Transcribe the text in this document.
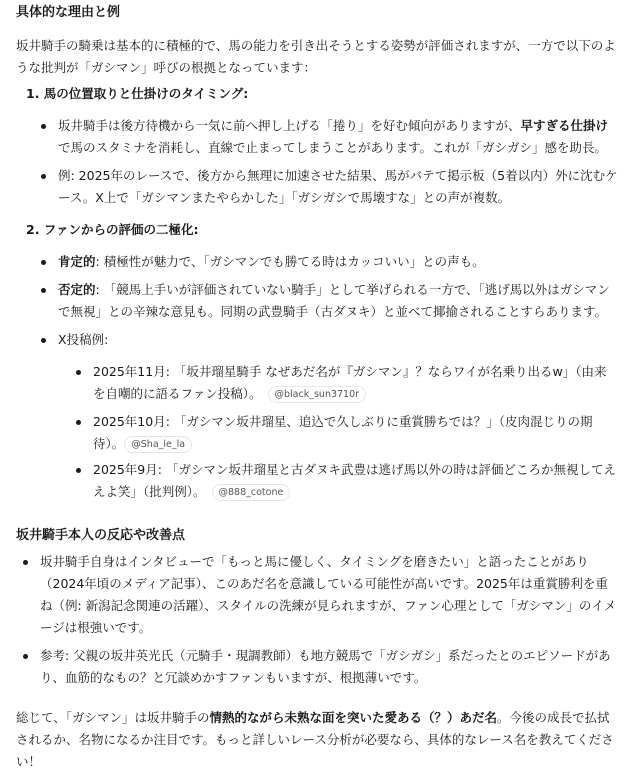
具体的な理由と例

坂井騎手の騎乗は基本的に積極的で、馬の能力を引き出そうとする姿勢が評価されますが、一方で以下のような批判が「ガシマン」呼びの根拠となっています：

1. 馬の位置取りと仕掛けのタイミング:
坂井騎手は後方待機から一気に前へ押し上げる「捲り」を好む傾向がありますが、早すぎる仕掛けで馬のスタミナを消耗し、直線で止まってしまうことがあります。これが「ガシガシ」感を助長。
例: 2025年のレースで、後方から無理に加速させた結果、馬がバテて掲示板（5着以内）外に沈むケース。X上で「ガシマンまたやらかした」「ガシガシで馬壊すな」との声が複数。
2. ファンからの評価の二極化:
肯定的: 積極性が魅力で、「ガシマンでも勝てる時はカッコいい」との声も。
否定的: 「競馬上手いが評価されていない騎手」として挙げられる一方で、「逃げ馬以外はガシマンで無視」との辛辣な意見も。同期の武豊騎手（古ダヌキ）と並べて揶揄されることすらあります。
X投稿例:
2025年11月: 「坂井瑠星騎手 なぜあだ名が『ガシマン』？ならワイが名乗り出るw」（由来を自嘲的に語るファン投稿）。 @black_sun3710r
2025年10月: 「ガシマン坂井瑠星、追込で久しぶりに重賞勝ちでは？」（皮肉混じりの期待）。 @Sha_le_la
2025年9月: 「ガシマン坂井瑠星と古ダヌキ武豊は逃げ馬以外の時は評価どころか無視してええよ笑」（批判例）。 @888_cotone
坂井騎手本人の反応や改善点
坂井騎手自身はインタビューで「もっと馬に優しく、タイミングを磨きたい」と語ったことがあり（2024年頃のメディア記事）、このあだ名を意識している可能性が高いです。2025年は重賞勝利を重ね（例: 新潟記念関連の活躍）、スタイルの洗練が見られますが、ファン心理として「ガシマン」のイメージは根強いです。
参考: 父親の坂井英光氏（元騎手・現調教師）も地方競馬で「ガシガシ」系だったとのエピソードがあり、血筋的なもの？と冗談めかすファンもいますが、根拠薄いです。

総じて、「ガシマン」は坂井騎手の情熱的ながら未熟な面を突いた愛ある（？）あだ名。今後の成長で払拭されるか、名物になるか注目です。もっと詳しいレース分析が必要なら、具体的なレース名を教えてください！
